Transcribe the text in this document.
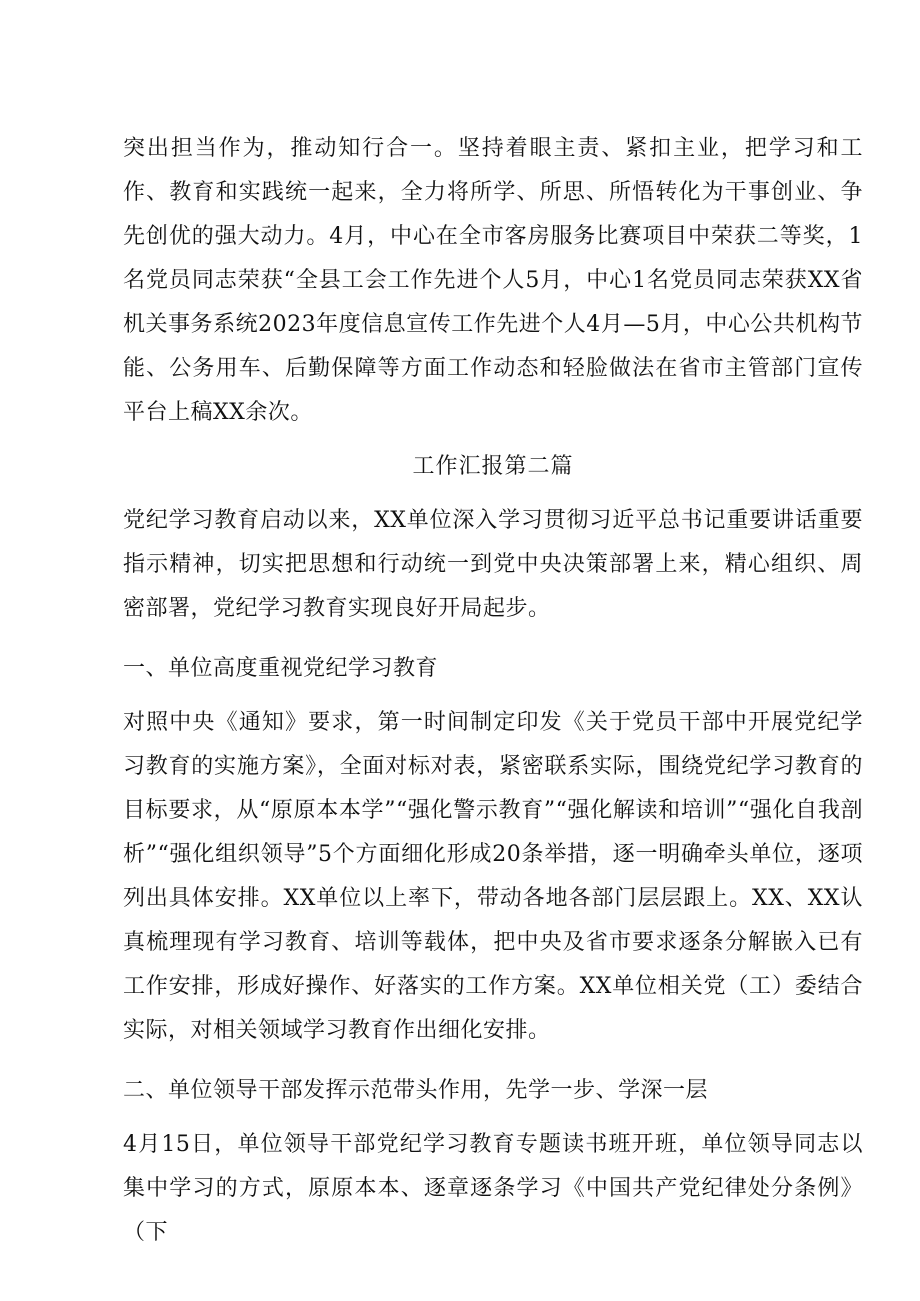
突出担当作为，推动知行合一。坚持着眼主责、紧扣主业，把学习和工作、教育和实践统一起来，全力将所学、所思、所悟转化为干事创业、争先创优的强大动力。4月，中心在全市客房服务比赛项目中荣获二等奖，1名党员同志荣获“全县工会工作先进个人5月，中心1名党员同志荣获XX省机关事务系统2023年度信息宣传工作先进个人4月—5月，中心公共机构节能、公务用车、后勤保障等方面工作动态和轻脸做法在省市主管部门宣传平台上稿XX余次。

工作汇报第二篇

党纪学习教育启动以来，XX单位深入学习贯彻习近平总书记重要讲话重要指示精神，切实把思想和行动统一到党中央决策部署上来，精心组织、周密部署，党纪学习教育实现良好开局起步。

一、单位高度重视党纪学习教育

对照中央《通知》要求，第一时间制定印发《关于党员干部中开展党纪学习教育的实施方案》，全面对标对表，紧密联系实际，围绕党纪学习教育的目标要求，从“原原本本学”“强化警示教育”“强化解读和培训”“强化自我剖析”“强化组织领导”5个方面细化形成20条举措，逐一明确牵头单位，逐项列出具体安排。XX单位以上率下，带动各地各部门层层跟上。XX、XX认真梳理现有学习教育、培训等载体，把中央及省市要求逐条分解嵌入已有工作安排，形成好操作、好落实的工作方案。XX单位相关党（工）委结合实际，对相关领域学习教育作出细化安排。

二、单位领导干部发挥示范带头作用，先学一步、学深一层

4月15日，单位领导干部党纪学习教育专题读书班开班，单位领导同志以集中学习的方式，原原本本、逐章逐条学习《中国共产党纪律处分条例》（下
